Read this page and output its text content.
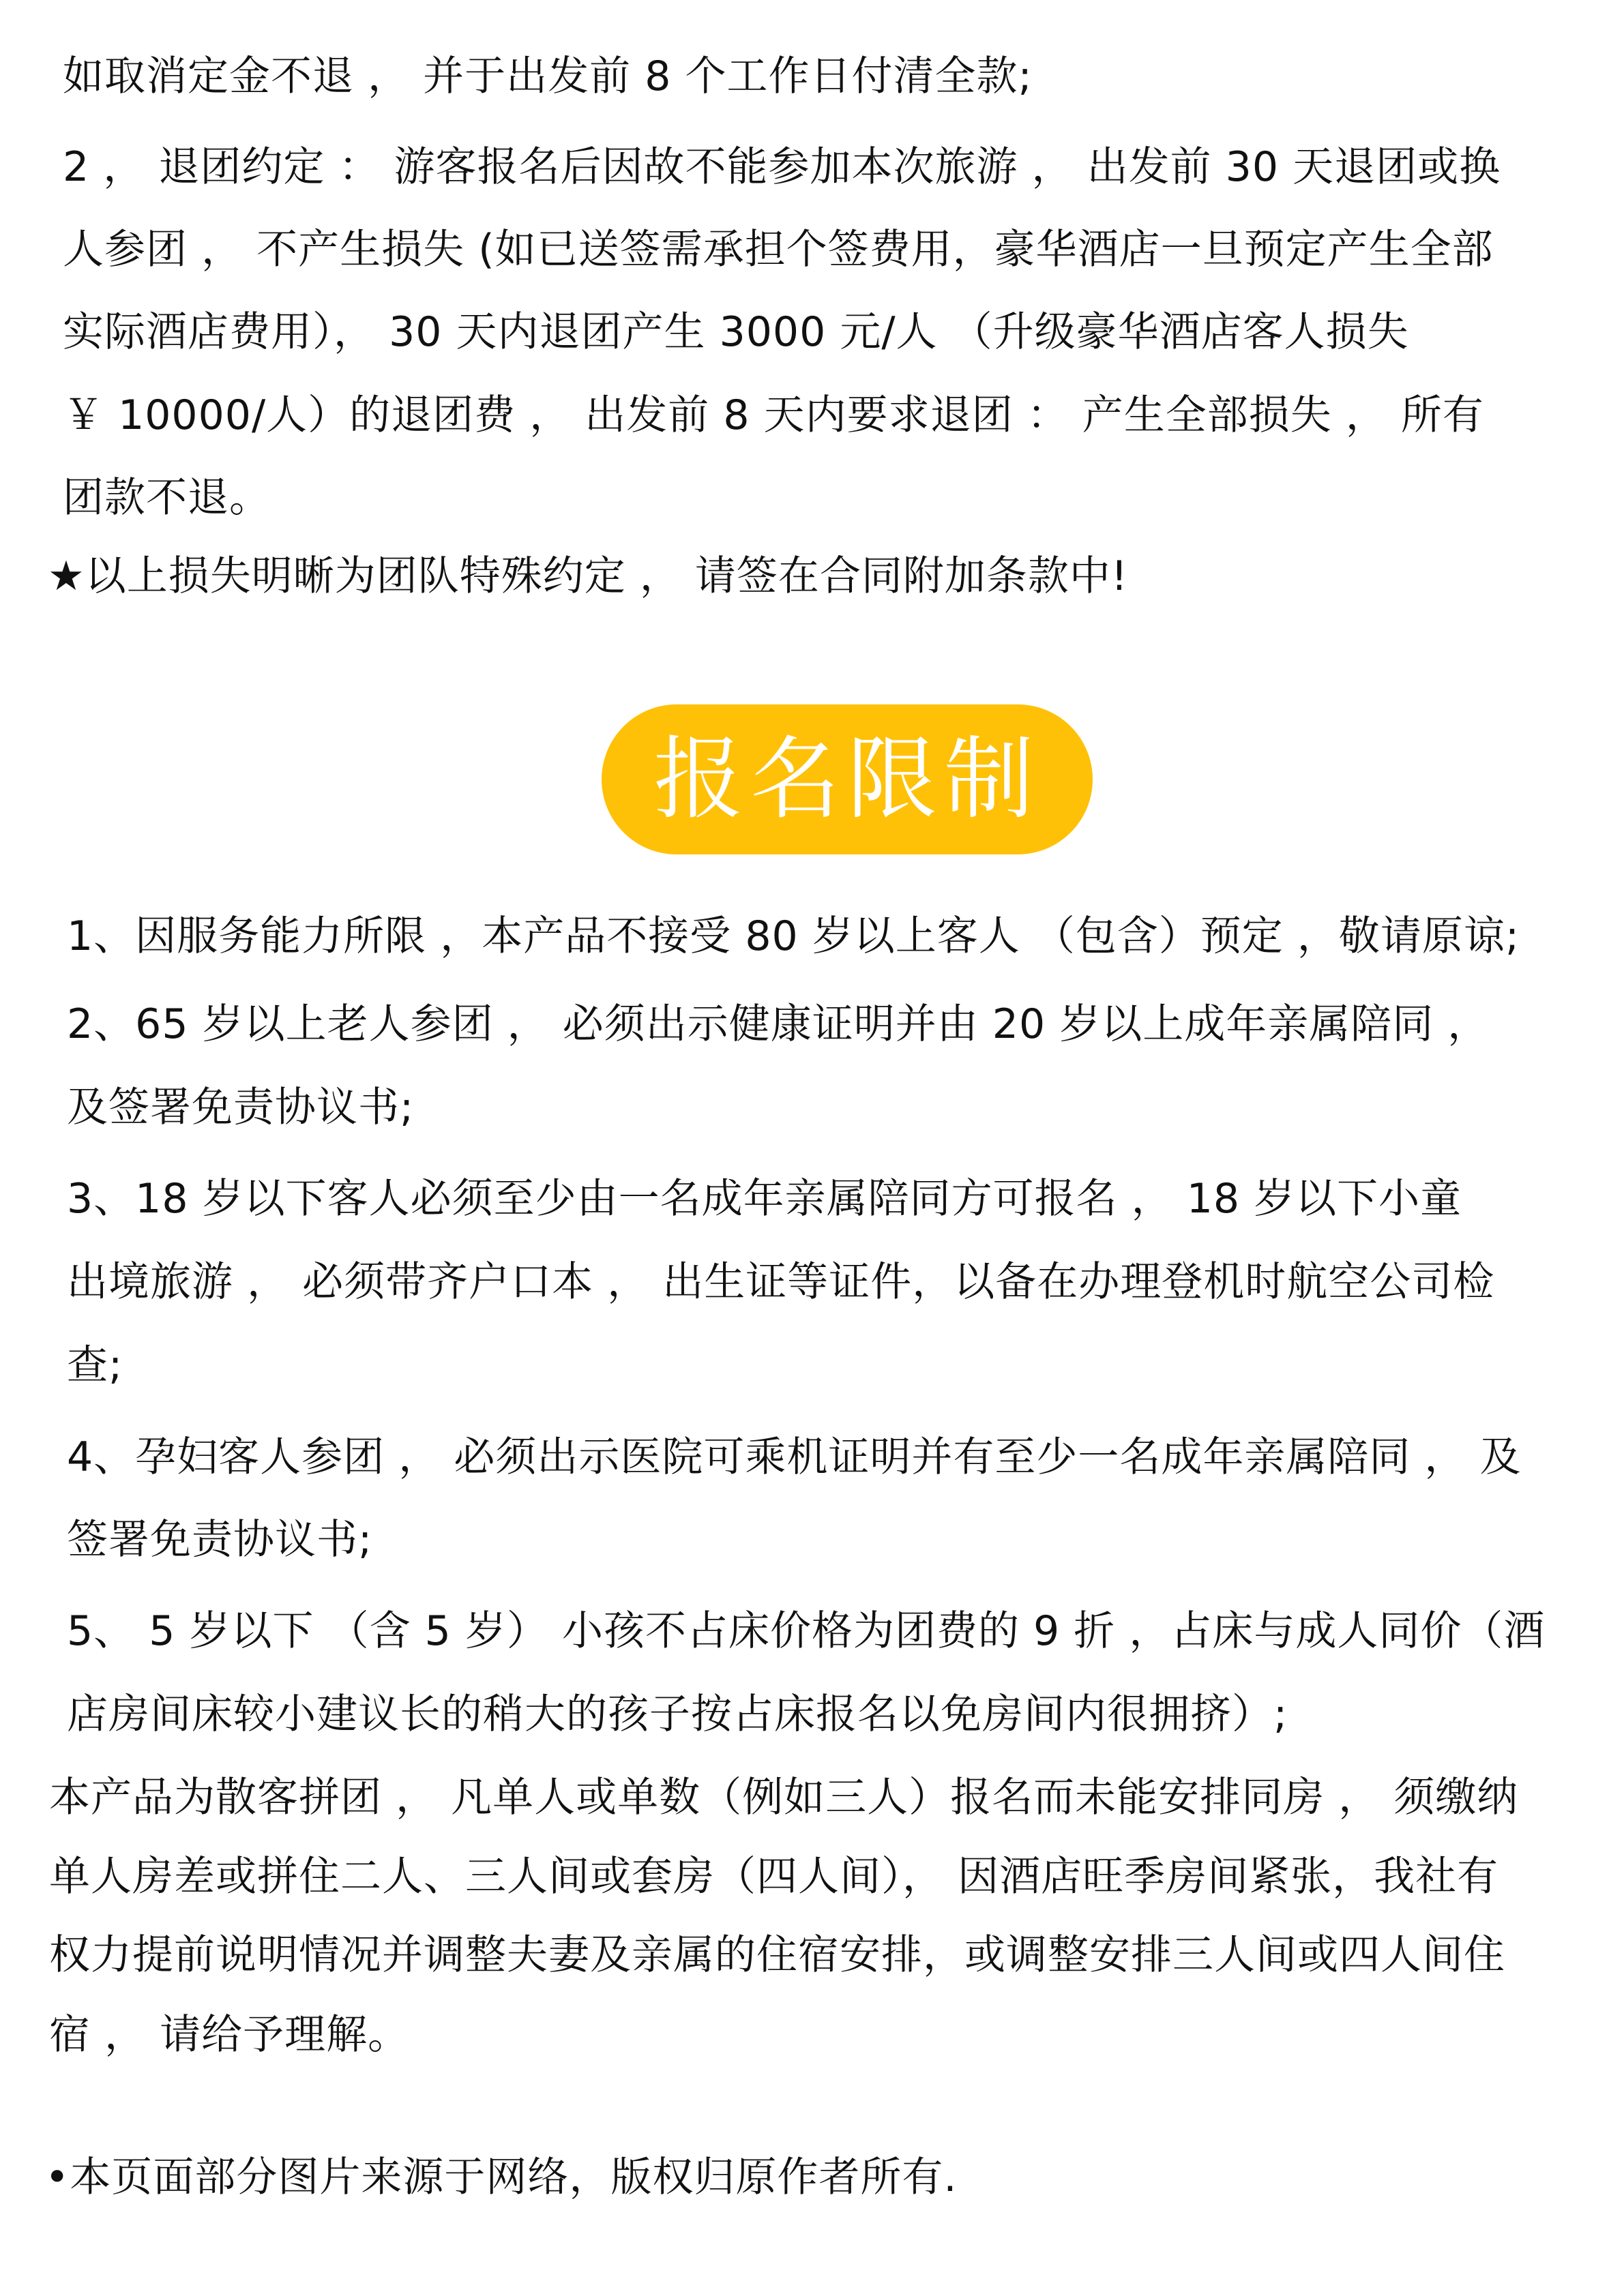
如取消定金不退 ， 并于出发前 8 个工作日付清全款;
2 ， 退团约定 ： 游客报名后因故不能参加本次旅游 ， 出发前 30 天退团或换
人参团 ， 不产生损失 (如已送签需承担个签费用，豪华酒店一旦预定产生全部
实际酒店费用）， 30 天内退团产生 3000 元/人 （升级豪华酒店客人损失
￥ 10000/人）的退团费 ， 出发前 8 天内要求退团 ： 产生全部损失 ， 所有
团款不退。
★以上损失明晰为团队特殊约定 ， 请签在合同附加条款中!
报名限制
1、因服务能力所限 ，本产品不接受 80 岁以上客人 （包含）预定 ，敬请原谅;
2、65 岁以上老人参团 ， 必须出示健康证明并由 20 岁以上成年亲属陪同 ，
及签署免责协议书;
3、18 岁以下客人必须至少由一名成年亲属陪同方可报名 ， 18 岁以下小童
出境旅游 ， 必须带齐户口本 ， 出生证等证件，以备在办理登机时航空公司检
查;
4、孕妇客人参团 ， 必须出示医院可乘机证明并有至少一名成年亲属陪同 ， 及
签署免责协议书;
5、 5 岁以下 （含 5 岁） 小孩不占床价格为团费的 9 折 ，占床与成人同价（酒
店房间床较小建议长的稍大的孩子按占床报名以免房间内很拥挤）;
本产品为散客拼团 ， 凡单人或单数（例如三人）报名而未能安排同房 ， 须缴纳
单人房差或拼住二人、三人间或套房（四人间）， 因酒店旺季房间紧张，我社有
权力提前说明情况并调整夫妻及亲属的住宿安排，或调整安排三人间或四人间住
宿 ， 请给予理解。
•本页面部分图片来源于网络，版权归原作者所有.
